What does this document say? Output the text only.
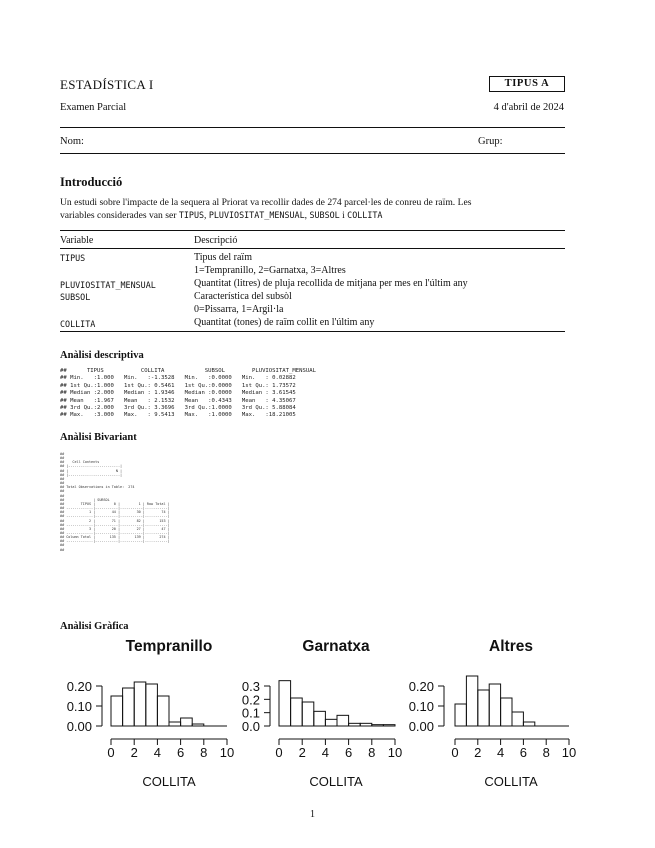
ESTADÍSTICA I	TIPUS A
Examen Parcial	4 d'abril de 2024
Nom:	Grup:
Introducció
Un estudi sobre l'impacte de la sequera al Priorat va recollir dades de 274 parcel·les de conreu de raïm. Les
variables considerades van ser TIPUS, PLUVIOSITAT_MENSUAL, SUBSOL i COLLITA
Variable	Descripció
TIPUS	Tipus del raïm
1=Tempranillo, 2=Garnatxa, 3=Altres
PLUVIOSITAT_MENSUAL	Quantitat (litres) de pluja recollida de mitjana per mes en l'últim any
SUBSOL	Característica del subsòl
0=Pissarra, 1=Argil·la
COLLITA	Quantitat (tones) de raïm collit en l'últim any
Anàlisi descriptiva
##      TIPUS           COLLITA            SUBSOL        PLUVIOSITAT_MENSUAL
## Min.   :1.000   Min.   :-1.3528   Min.   :0.0000   Min.   : 0.02882
## 1st Qu.:1.000   1st Qu.: 0.5461   1st Qu.:0.0000   1st Qu.: 1.73572
## Median :2.000   Median : 1.9346   Median :0.0000   Median : 3.61545
## Mean   :1.967   Mean   : 2.1532   Mean   :0.4343   Mean   : 4.35067
## 3rd Qu.:2.000   3rd Qu.: 3.3696   3rd Qu.:1.0000   3rd Qu.: 5.88084
## Max.   :3.000   Max.   : 9.5413   Max.   :1.0000   Max.   :18.21005
Anàlisi Bivariant
##
##
##    Cell Contents
## |-------------------------|
## |                       N |
## |-------------------------|
##
##
## Total Observations in Table:  274
##
##
##              | SUBSOL
##        TIPUS |         0 |         1 | Row Total |
## -------------|-----------|-----------|-----------|
##            1 |        44 |        30 |        74 |
## -------------|-----------|-----------|-----------|
##            2 |        71 |        82 |       153 |
## -------------|-----------|-----------|-----------|
##            3 |        20 |        27 |        47 |
## -------------|-----------|-----------|-----------|
## Column Total |       135 |       139 |       274 |
## -------------|-----------|-----------|-----------|
##
##
Anàlisi Gràfica
Tempranillo
0.00
0.10
0.20
0 2 4 6 8 10
COLLITA
Garnatxa
0.0
0.1
0.2
0.3
0 2 4 6 8 10
COLLITA
Altres
0.00
0.10
0.20
0 2 4 6 8 10
COLLITA
1
